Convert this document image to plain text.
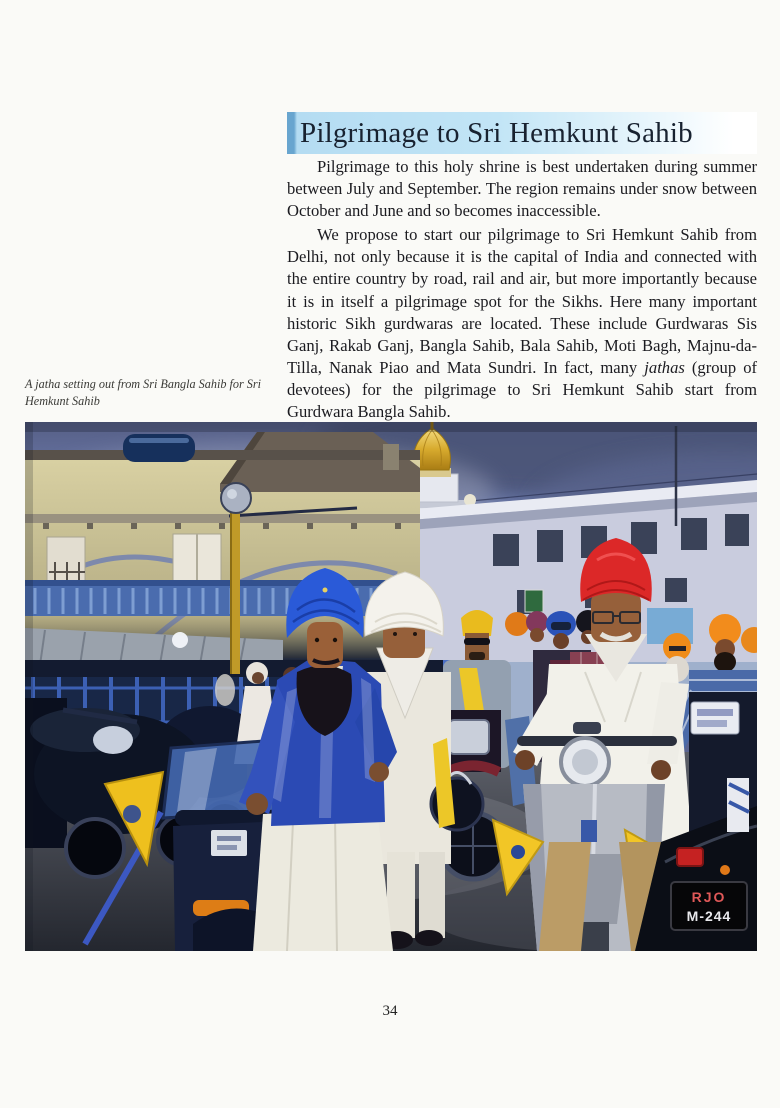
Pilgrimage to Sri Hemkunt Sahib

Pilgrimage to this holy shrine is best undertaken during summer between July and September. The region remains under snow between October and June and so becomes inaccessible.

We propose to start our pilgrimage to Sri Hemkunt Sahib from Delhi, not only because it is the capital of India and connected with the entire country by road, rail and air, but more importantly because it is in itself a pilgrimage spot for the Sikhs. Here many important historic Sikh gurdwaras are located. These include Gurdwaras Sis Ganj, Rakab Ganj, Bangla Sahib, Bala Sahib, Moti Bagh, Majnu-da-Tilla, Nanak Piao and Mata Sundri. In fact, many jathas (group of devotees) for the pilgrimage to Sri Hemkunt Sahib start from Gurdwara Bangla Sahib.

A jatha setting out from Sri Bangla Sahib for Sri Hemkunt Sahib
RJO
M-244
34
